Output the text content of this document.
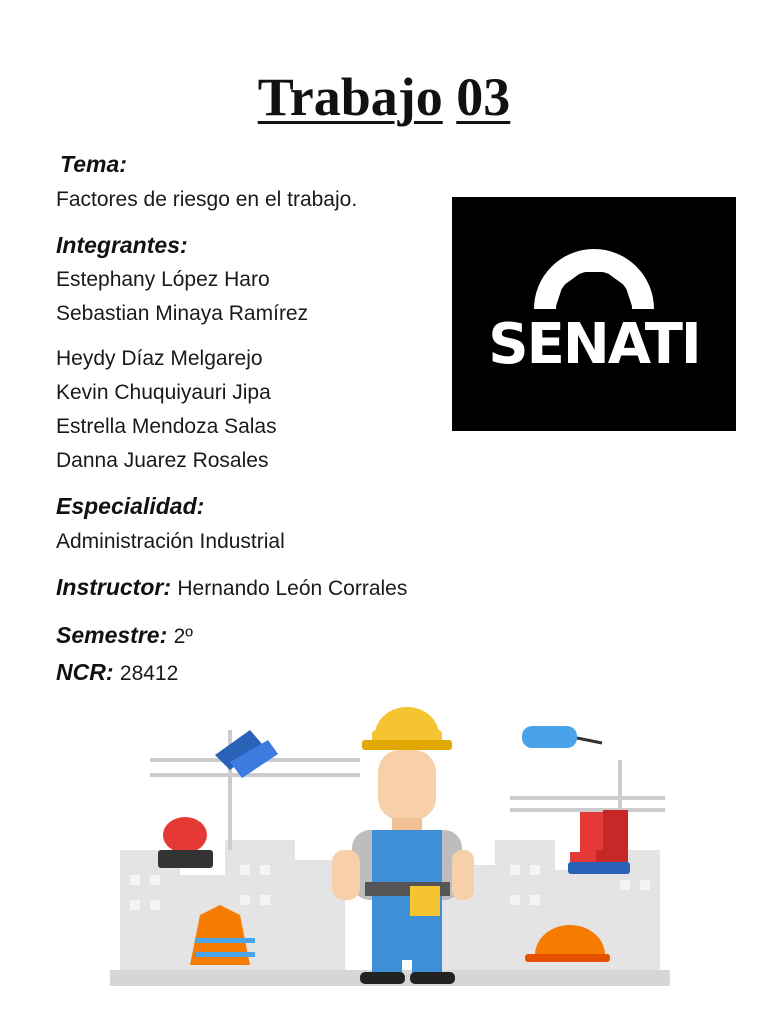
Trabajo 03
Tema:
Factores de riesgo en el trabajo.
Integrantes:
Estephany López Haro
Sebastian Minaya Ramírez
Heydy Díaz Melgarejo
Kevin Chuquiyauri Jipa
Estrella Mendoza Salas
Danna Juarez Rosales
Especialidad:
Administración Industrial
Instructor: Hernando León Corrales
Semestre: 2º
NCR: 28412
SENATI
